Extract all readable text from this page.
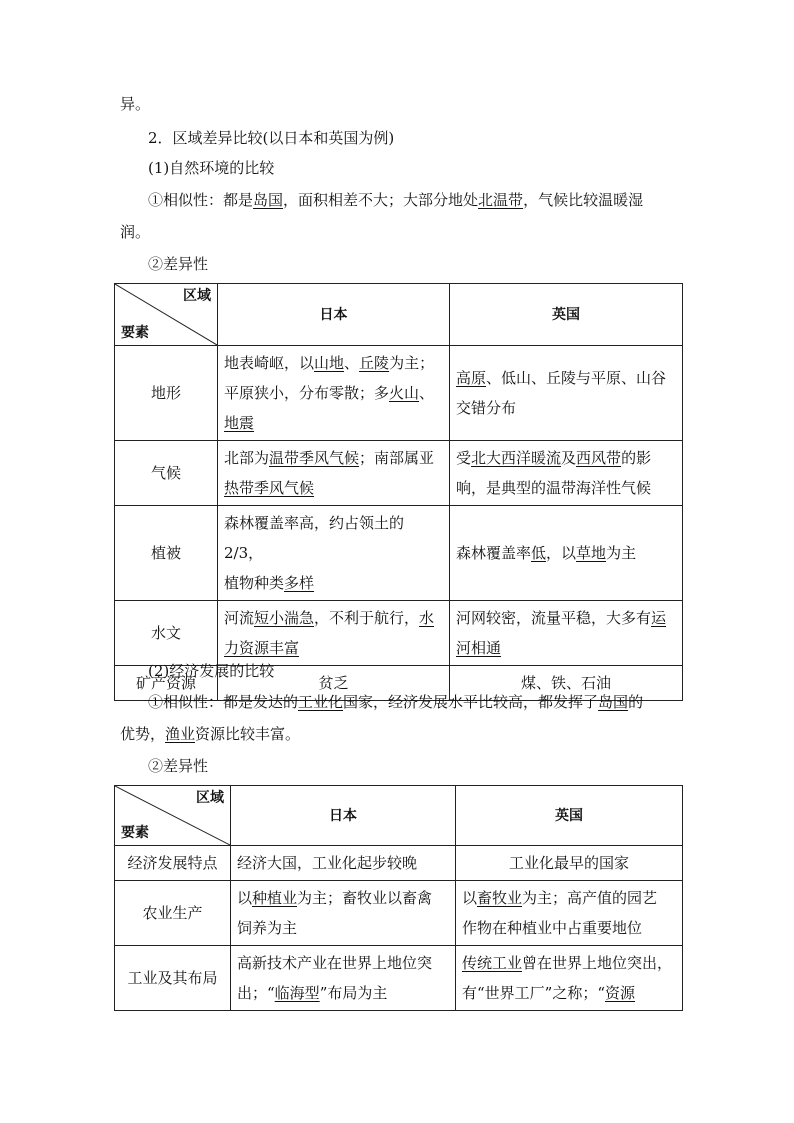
异。
2．区域差异比较(以日本和英国为例)
(1)自然环境的比较
①相似性：都是岛国，面积相差不大；大部分地处北温带，气候比较温暖湿
润。
②差异性
区域
要素	日本	英国
地形	地表崎岖，以山地、丘陵为主；
平原狭小，分布零散；多火山、
地震	高原、低山、丘陵与平原、山谷
交错分布
气候	北部为温带季风气候；南部属亚
热带季风气候	受北大西洋暖流及西风带的影
响，是典型的温带海洋性气候
植被	森林覆盖率高，约占领土的 2/3，
植物种类多样	森林覆盖率低，以草地为主
水文	河流短小湍急，不利于航行，水
力资源丰富	河网较密，流量平稳，大多有运
河相通
矿产资源	贫乏	煤、铁、石油
(2)经济发展的比较
①相似性：都是发达的工业化国家，经济发展水平比较高，都发挥了岛国的
优势，渔业资源比较丰富。
②差异性
区域
要素	日本	英国
经济发展特点	经济大国，工业化起步较晚	工业化最早的国家
农业生产	以种植业为主；畜牧业以畜禽
饲养为主	以畜牧业为主；高产值的园艺
作物在种植业中占重要地位
工业及其布局	高新技术产业在世界上地位突
出；“临海型”布局为主	传统工业曾在世界上地位突出，
有“世界工厂”之称；“资源
